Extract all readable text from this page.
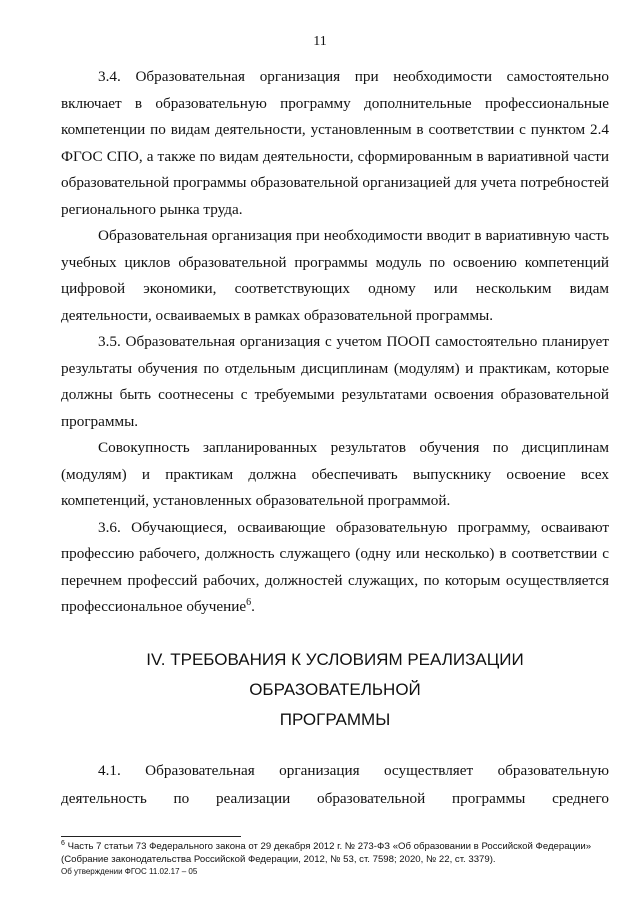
11

3.4. Образовательная организация при необходимости самостоятельно включает в образовательную программу дополнительные профессиональные компетенции по видам деятельности, установленным в соответствии с пунктом 2.4 ФГОС СПО, а также по видам деятельности, сформированным в вариативной части образовательной программы образовательной организацией для учета потребностей регионального рынка труда.

Образовательная организация при необходимости вводит в вариативную часть учебных циклов образовательной программы модуль по освоению компетенций цифровой экономики, соответствующих одному или нескольким видам деятельности, осваиваемых в рамках образовательной программы.

3.5. Образовательная организация с учетом ПООП самостоятельно планирует результаты обучения по отдельным дисциплинам (модулям) и практикам, которые должны быть соотнесены с требуемыми результатами освоения образовательной программы.

Совокупность запланированных результатов обучения по дисциплинам (модулям) и практикам должна обеспечивать выпускнику освоение всех компетенций, установленных образовательной программой.

3.6. Обучающиеся, осваивающие образовательную программу, осваивают профессию рабочего, должность служащего (одну или несколько) в соответствии с перечнем профессий рабочих, должностей служащих, по которым осуществляется профессиональное обучение$^6$.

IV. ТРЕБОВАНИЯ К УСЛОВИЯМ РЕАЛИЗАЦИИ ОБРАЗОВАТЕЛЬНОЙ
ПРОГРАММЫ

4.1. Образовательная организация осуществляет образовательную деятельность по реализации образовательной программы среднего

$^6$ Часть 7 статьи 73 Федерального закона от 29 декабря 2012 г. № 273-ФЗ «Об образовании в Российской Федерации» (Собрание законодательства Российской Федерации, 2012, № 53, ст. 7598; 2020, № 22, ст. 3379).
Об утверждении ФГОС 11.02.17 – 05
